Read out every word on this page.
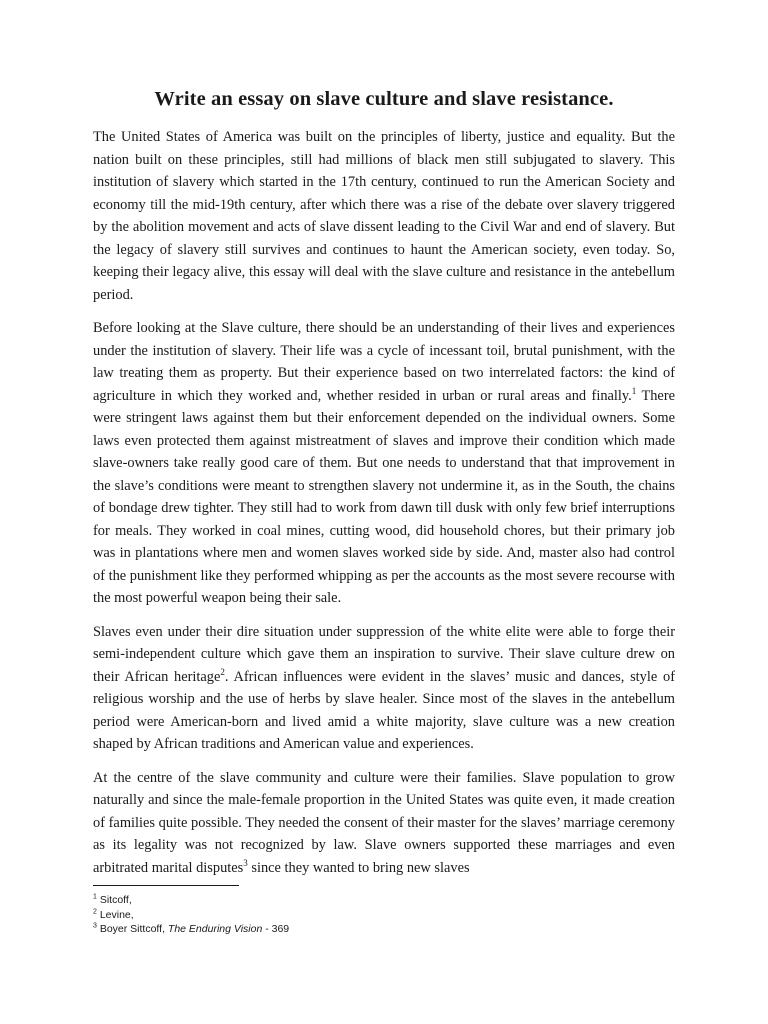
Write an essay on slave culture and slave resistance.

The United States of America was built on the principles of liberty, justice and equality. But the nation built on these principles, still had millions of black men still subjugated to slavery. This institution of slavery which started in the 17th century, continued to run the American Society and economy till the mid-19th century, after which there was a rise of the debate over slavery triggered by the abolition movement and acts of slave dissent leading to the Civil War and end of slavery. But the legacy of slavery still survives and continues to haunt the American society, even today. So, keeping their legacy alive, this essay will deal with the slave culture and resistance in the antebellum period.

Before looking at the Slave culture, there should be an understanding of their lives and experiences under the institution of slavery. Their life was a cycle of incessant toil, brutal punishment, with the law treating them as property. But their experience based on two interrelated factors: the kind of agriculture in which they worked and, whether resided in urban or rural areas and finally.$^1$ There were stringent laws against them but their enforcement depended on the individual owners. Some laws even protected them against mistreatment of slaves and improve their condition which made slave-owners take really good care of them. But one needs to understand that that improvement in the slave’s conditions were meant to strengthen slavery not undermine it, as in the South, the chains of bondage drew tighter. They still had to work from dawn till dusk with only few brief interruptions for meals. They worked in coal mines, cutting wood, did household chores, but their primary job was in plantations where men and women slaves worked side by side. And, master also had control of the punishment like they performed whipping as per the accounts as the most severe recourse with the most powerful weapon being their sale.

Slaves even under their dire situation under suppression of the white elite were able to forge their semi-independent culture which gave them an inspiration to survive. Their slave culture drew on their African heritage$^2$. African influences were evident in the slaves’ music and dances, style of religious worship and the use of herbs by slave healer. Since most of the slaves in the antebellum period were American-born and lived amid a white majority, slave culture was a new creation shaped by African traditions and American value and experiences.

At the centre of the slave community and culture were their families. Slave population to grow naturally and since the male-female proportion in the United States was quite even, it made creation of families quite possible. They needed the consent of their master for the slaves’ marriage ceremony as its legality was not recognized by law. Slave owners supported these marriages and even arbitrated marital disputes$^3$ since they wanted to bring new slaves

$^1$ Sitcoff,
$^2$ Levine,
$^3$ Boyer Sittcoff, The Enduring Vision - 369
